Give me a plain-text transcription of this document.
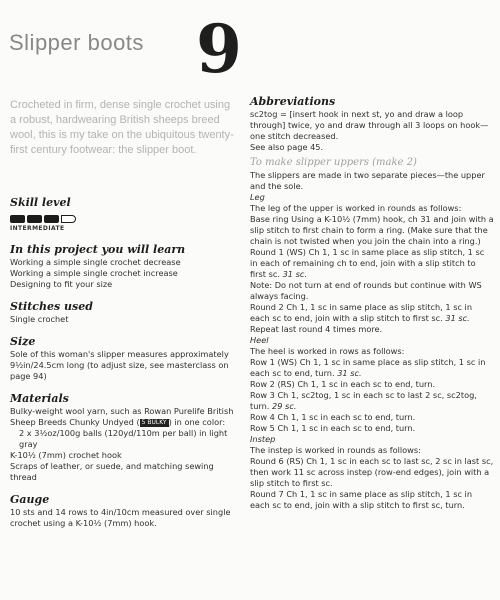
Slipper boots 9
Crocheted in firm, dense single crochet using a robust, hardwearing British sheeps breed wool, this is my take on the ubiquitous twenty-first century footwear: the slipper boot.
Skill level
INTERMEDIATE
In this project you will learn

Working a simple single crochet decrease

Working a simple single crochet increase

Designing to fit your size

Stitches used

Single crochet

Size

Sole of this woman's slipper measures approximately 9½in/24.5cm long (to adjust size, see masterclass on page 94)

Materials

Bulky-weight wool yarn, such as Rowan Purelife British Sheep Breeds Chunky Undyed ( 5 BULKY ) in one color:

2 x 3½oz/100g balls (120yd/110m per ball) in light gray

K-10½ (7mm) crochet hook

Scraps of leather, or suede, and matching sewing thread

Gauge

10 sts and 14 rows to 4in/10cm measured over single crochet using a K-10½ (7mm) hook.

Abbreviations

sc2tog = [insert hook in next st, yo and draw a loop through] twice, yo and draw through all 3 loops on hook—one stitch decreased.

See also page 45.

To make slipper uppers (make 2)

The slippers are made in two separate pieces—the upper and the sole.

Leg

The leg of the upper is worked in rounds as follows:

Base ring Using a K-10½ (7mm) hook, ch 31 and join with a slip stitch to first chain to form a ring. (Make sure that the chain is not twisted when you join the chain into a ring.)

Round 1 (WS) Ch 1, 1 sc in same place as slip stitch, 1 sc in each of remaining ch to end, join with a slip stitch to first sc. 31 sc.

Note: Do not turn at end of rounds but continue with WS always facing.

Round 2 Ch 1, 1 sc in same place as slip stitch, 1 sc in each sc to end, join with a slip stitch to first sc. 31 sc.

Repeat last round 4 times more.

Heel

The heel is worked in rows as follows:

Row 1 (WS) Ch 1, 1 sc in same place as slip stitch, 1 sc in each sc to end, turn. 31 sc.

Row 2 (RS) Ch 1, 1 sc in each sc to end, turn.

Row 3 Ch 1, sc2tog, 1 sc in each sc to last 2 sc, sc2tog, turn. 29 sc.

Row 4 Ch 1, 1 sc in each sc to end, turn.

Row 5 Ch 1, 1 sc in each sc to end, turn.

Instep

The instep is worked in rounds as follows:

Round 6 (RS) Ch 1, 1 sc in each sc to last sc, 2 sc in last sc, then work 11 sc across instep (row-end edges), join with a slip stitch to first sc.

Round 7 Ch 1, 1 sc in same place as slip stitch, 1 sc in each sc to end, join with a slip stitch to first sc, turn.
